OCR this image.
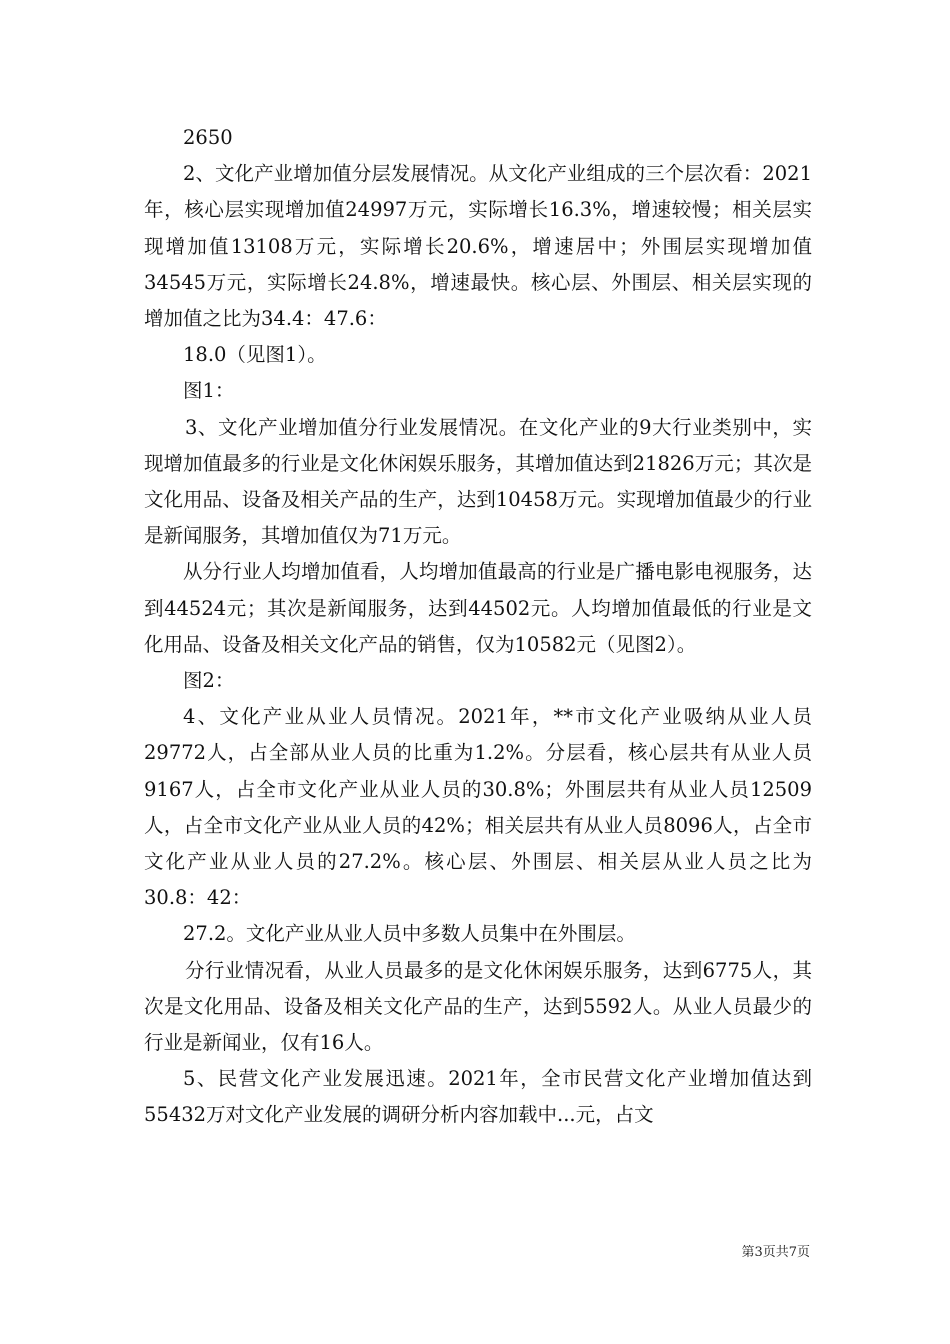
2650

2、文化产业增加值分层发展情况。从文化产业组成的三个层次看：2021年，核心层实现增加值24997万元，实际增长16.3%，增速较慢；相关层实现增加值13108万元，实际增长20.6%，增速居中；外围层实现增加值34545万元，实际增长24.8%，增速最快。核心层、外围层、相关层实现的增加值之比为34.4：47.6：

18.0（见图1）。

图1：

3、文化产业增加值分行业发展情况。在文化产业的9大行业类别中，实现增加值最多的行业是文化休闲娱乐服务，其增加值达到21826万元；其次是文化用品、设备及相关产品的生产，达到10458万元。实现增加值最少的行业是新闻服务，其增加值仅为71万元。

从分行业人均增加值看，人均增加值最高的行业是广播电影电视服务，达到44524元；其次是新闻服务，达到44502元。人均增加值最低的行业是文化用品、设备及相关文化产品的销售，仅为10582元（见图2）。

图2：

4、文化产业从业人员情况。2021年，**市文化产业吸纳从业人员29772人，占全部从业人员的比重为1.2%。分层看，核心层共有从业人员9167人，占全市文化产业从业人员的30.8%；外围层共有从业人员12509人，占全市文化产业从业人员的42%；相关层共有从业人员8096人，占全市文化产业从业人员的27.2%。核心层、外围层、相关层从业人员之比为30.8：42：

27.2。文化产业从业人员中多数人员集中在外围层。

分行业情况看，从业人员最多的是文化休闲娱乐服务，达到6775人，其次是文化用品、设备及相关文化产品的生产，达到5592人。从业人员最少的行业是新闻业，仅有16人。

5、民营文化产业发展迅速。2021年，全市民营文化产业增加值达到55432万对文化产业发展的调研分析内容加载中...元，占文

第3页共7页
